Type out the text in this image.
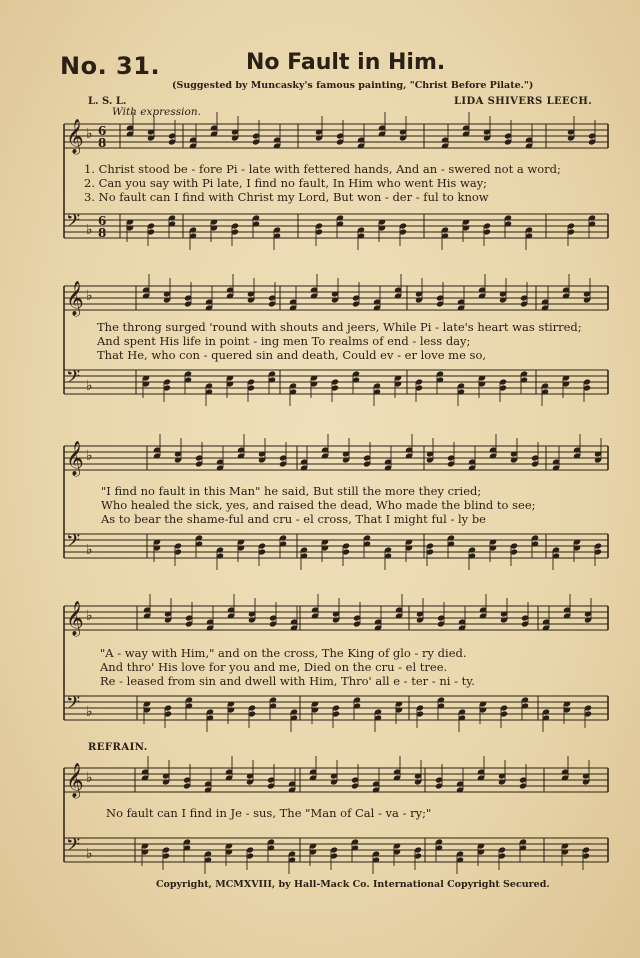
No. 31.	No Fault in Him.
(Suggested by Muncasky's famous painting, "Christ Before Pilate.")
L. S. L.	LIDA SHIVERS LEECH.
With expression.
𝄞 ♭
𝄢 ♭
6
8
6
8
𝄞 ♭
𝄢 ♭
𝄞 ♭
𝄢 ♭
𝄞 ♭
𝄢 ♭
𝄞 ♭
𝄢 ♭
1. Christ stood be - fore Pi - late with fettered hands, And an - swered not a word;
2. Can you say with Pi late, I find no fault, In Him who went His way;
3. No fault can I find with Christ my Lord, But won - der - ful to know
The throng surged 'round with shouts and jeers, While Pi - late's heart was stirred;
And spent His life in point - ing men To realms of end - less day;
That He, who con - quered sin and death, Could ev - er love me so,
"I find no fault in this Man" he said, But still the more they cried;
Who healed the sick, yes, and raised the dead, Who made the blind to see;
As to bear the shame-ful and cru - el cross, That I might ful - ly be
"A - way with Him," and on the cross, The King of glo - ry died.
And thro' His love for you and me, Died on the cru - el tree.
Re - leased from sin and dwell with Him, Thro' all e - ter - ni - ty.
REFRAIN.
No fault can I find in Je - sus, The "Man of Cal - va - ry;"
Copyright, MCMXVIII, by Hall-Mack Co. International Copyright Secured.
